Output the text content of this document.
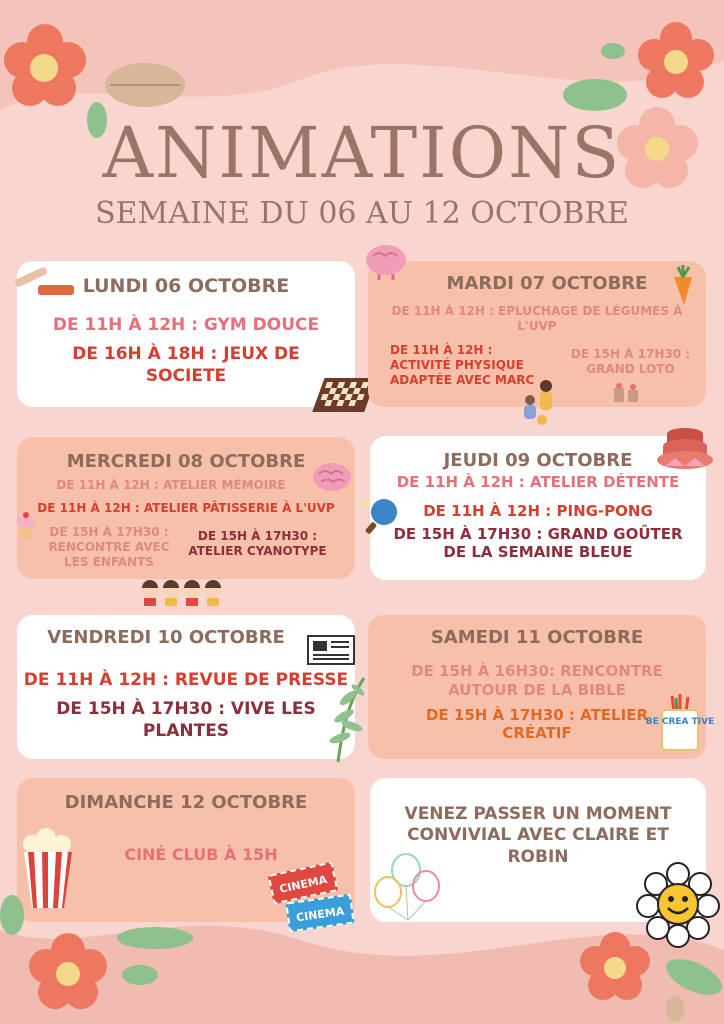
ANIMATIONS
SEMAINE DU 06 AU 12 OCTOBRE
LUNDI 06 OCTOBRE
DE 11H À 12H : GYM DOUCE
DE 16H À 18H : JEUX DE SOCIETE
MARDI 07 OCTOBRE
DE 11H À 12H : EPLUCHAGE DE LÉGUMES À L'UVP
DE 11H À 12H : ACTIVITÉ PHYSIQUE ADAPTÉE AVEC MARC
DE 15H À 17H30 : GRAND LOTO
MERCREDI 08 OCTOBRE
DE 11H À 12H : ATELIER MÉMOIRE
DE 11H À 12H : ATELIER PÂTISSERIE À L'UVP
DE 15H À 17H30 : RENCONTRE AVEC LES ENFANTS
DE 15H À 17H30 : ATELIER CYANOTYPE
JEUDI 09 OCTOBRE
DE 11H À 12H : ATELIER DÉTENTE
DE 11H À 12H : PING-PONG
DE 15H À 17H30 : GRAND GOÛTER DE LA SEMAINE BLEUE
VENDREDI 10 OCTOBRE
DE 11H À 12H : REVUE DE PRESSE
DE 15H À 17H30 : VIVE LES PLANTES
SAMEDI 11 OCTOBRE
DE 15H À 16H30: RENCONTRE AUTOUR DE LA BIBLE
DE 15H À 17H30 : ATELIER CRÉATIF
BE CREA TIVE
DIMANCHE 12 OCTOBRE
CINÉ CLUB À 15H
CINEMA
CINEMA
VENEZ PASSER UN MOMENT CONVIVIAL AVEC CLAIRE ET ROBIN
